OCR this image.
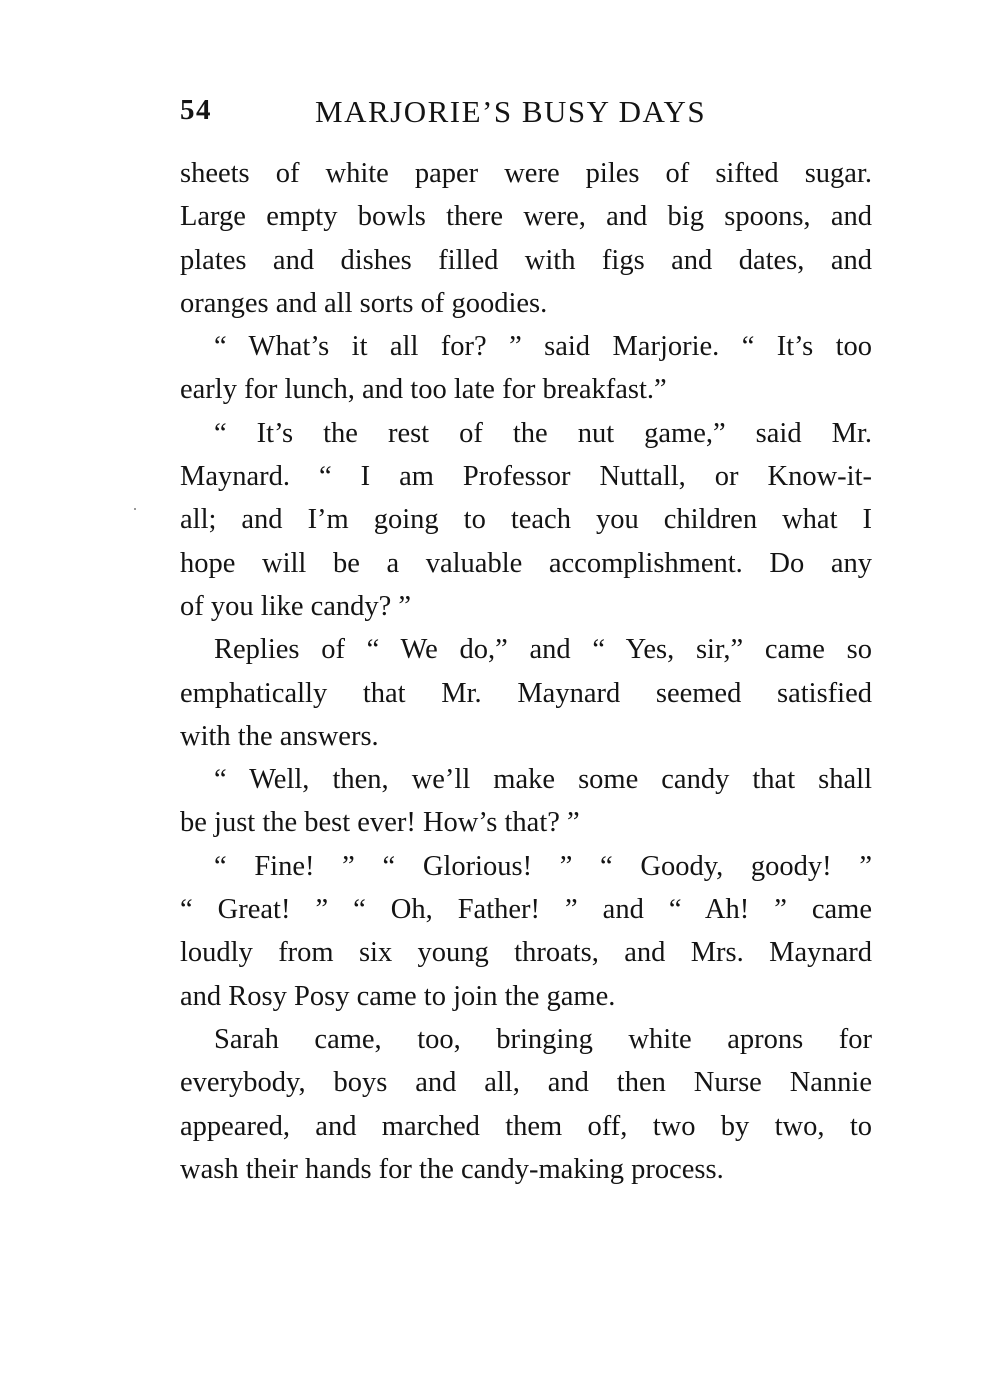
54	MARJORIE’S BUSY DAYS
sheets of white paper were piles of sifted sugar.
Large empty bowls there were, and big spoons, and
plates and dishes filled with figs and dates, and
oranges and all sorts of goodies.
“ What’s it all for? ” said Marjorie. “ It’s too
early for lunch, and too late for breakfast.”
“ It’s the rest of the nut game,” said Mr.
Maynard. “ I am Professor Nuttall, or Know-it-
all; and I’m going to teach you children what I
hope will be a valuable accomplishment. Do any
of you like candy? ”
Replies of “ We do,” and “ Yes, sir,” came so
emphatically that Mr. Maynard seemed satisfied
with the answers.
“ Well, then, we’ll make some candy that shall
be just the best ever! How’s that? ”
“ Fine! ” “ Glorious! ” “ Goody, goody! ”
“ Great! ” “ Oh, Father! ” and “ Ah! ” came
loudly from six young throats, and Mrs. Maynard
and Rosy Posy came to join the game.
Sarah came, too, bringing white aprons for
everybody, boys and all, and then Nurse Nannie
appeared, and marched them off, two by two, to
wash their hands for the candy-making process.
